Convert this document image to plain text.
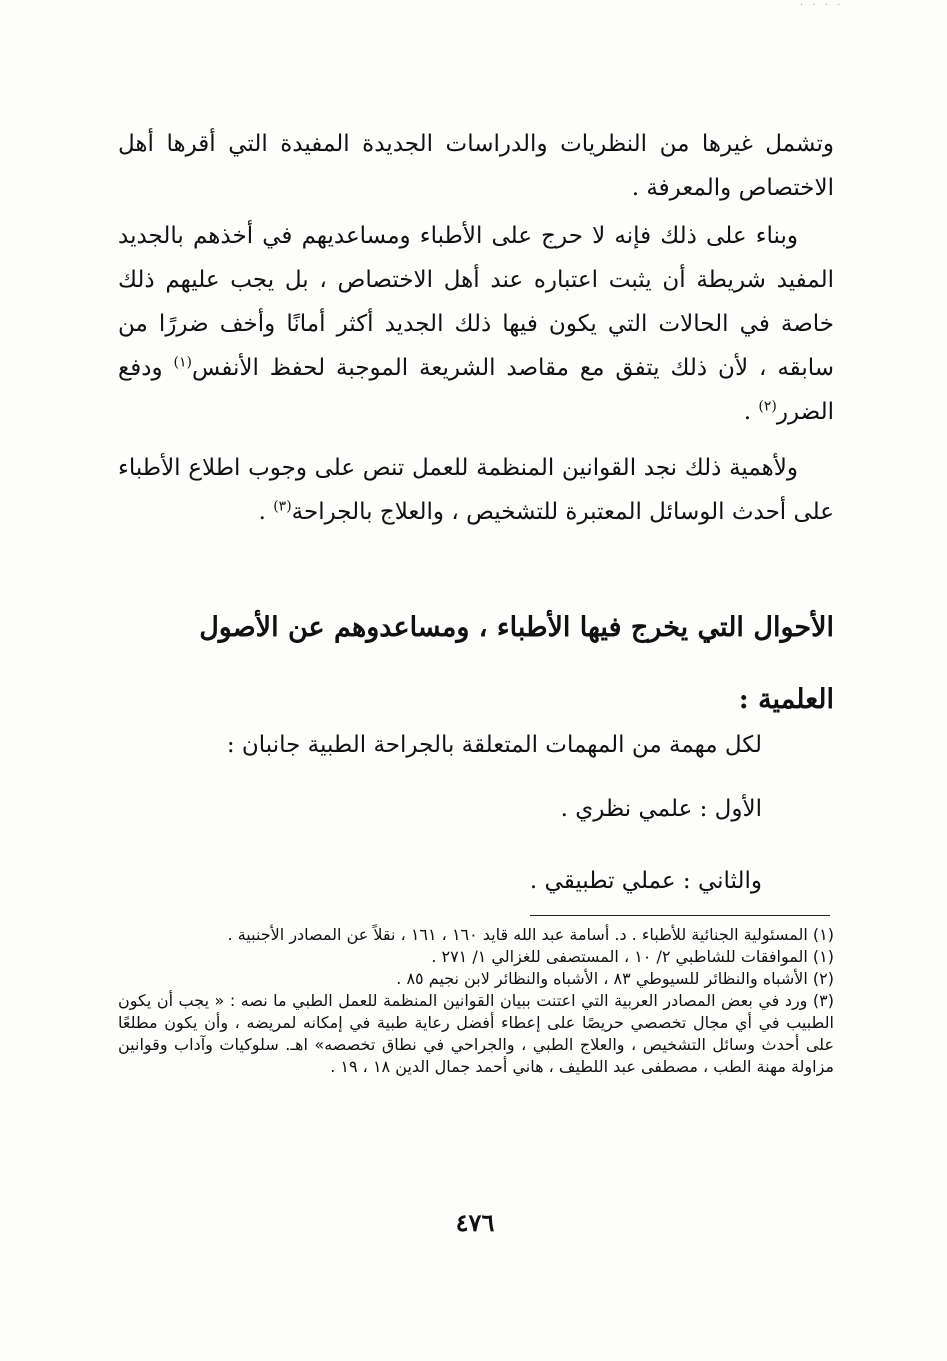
· · · ·

وتشمل غيرها من النظريات والدراسات الجديدة المفيدة التي أقرها أهل الاختصاص والمعرفة .

وبناء على ذلك فإنه لا حرج على الأطباء ومساعديهم في أخذهم بالجديد المفيد شريطة أن يثبت اعتباره عند أهل الاختصاص ، بل يجب عليهم ذلك خاصة في الحالات التي يكون فيها ذلك الجديد أكثر أمانًا وأخف ضررًا من سابقه ، لأن ذلك يتفق مع مقاصد الشريعة الموجبة لحفظ الأنفس$^{(١)}$ ودفع الضرر$^{(٢)}$ .

ولأهمية ذلك نجد القوانين المنظمة للعمل تنص على وجوب اطلاع الأطباء على أحدث الوسائل المعتبرة للتشخيص ، والعلاج بالجراحة$^{(٣)}$ .

الأحوال التي يخرج فيها الأطباء ، ومساعدوهم عن الأصول العلمية :
لكل مهمة من المهمات المتعلقة بالجراحة الطبية جانبان :
الأول : علمي نظري .
والثاني : عملي تطبيقي .

(١) المسئولية الجنائية للأطباء . د. أسامة عبد الله قايد ١٦٠ ، ١٦١ ، نقلاً عن المصادر الأجنبية .

(١) الموافقات للشاطبي ٢/ ١٠ ، المستصفى للغزالي ١/ ٢٧١ .

(٢) الأشباه والنظائر للسيوطي ٨٣ ، الأشباه والنظائر لابن نجيم ٨٥ .

(٣) ورد في بعض المصادر العربية التي اعتنت ببيان القوانين المنظمة للعمل الطبي ما نصه : « يجب أن يكون الطبيب في أي مجال تخصصي حريصًا على إعطاء أفضل رعاية طبية في إمكانه لمريضه ، وأن يكون مطلعًا على أحدث وسائل التشخيص ، والعلاج الطبي ، والجراحي في نطاق تخصصه» اهـ. سلوكيات وآداب وقوانين مزاولة مهنة الطب ، مصطفى عبد اللطيف ، هاني أحمد جمال الدين ١٨ ، ١٩ .

٤٧٦
